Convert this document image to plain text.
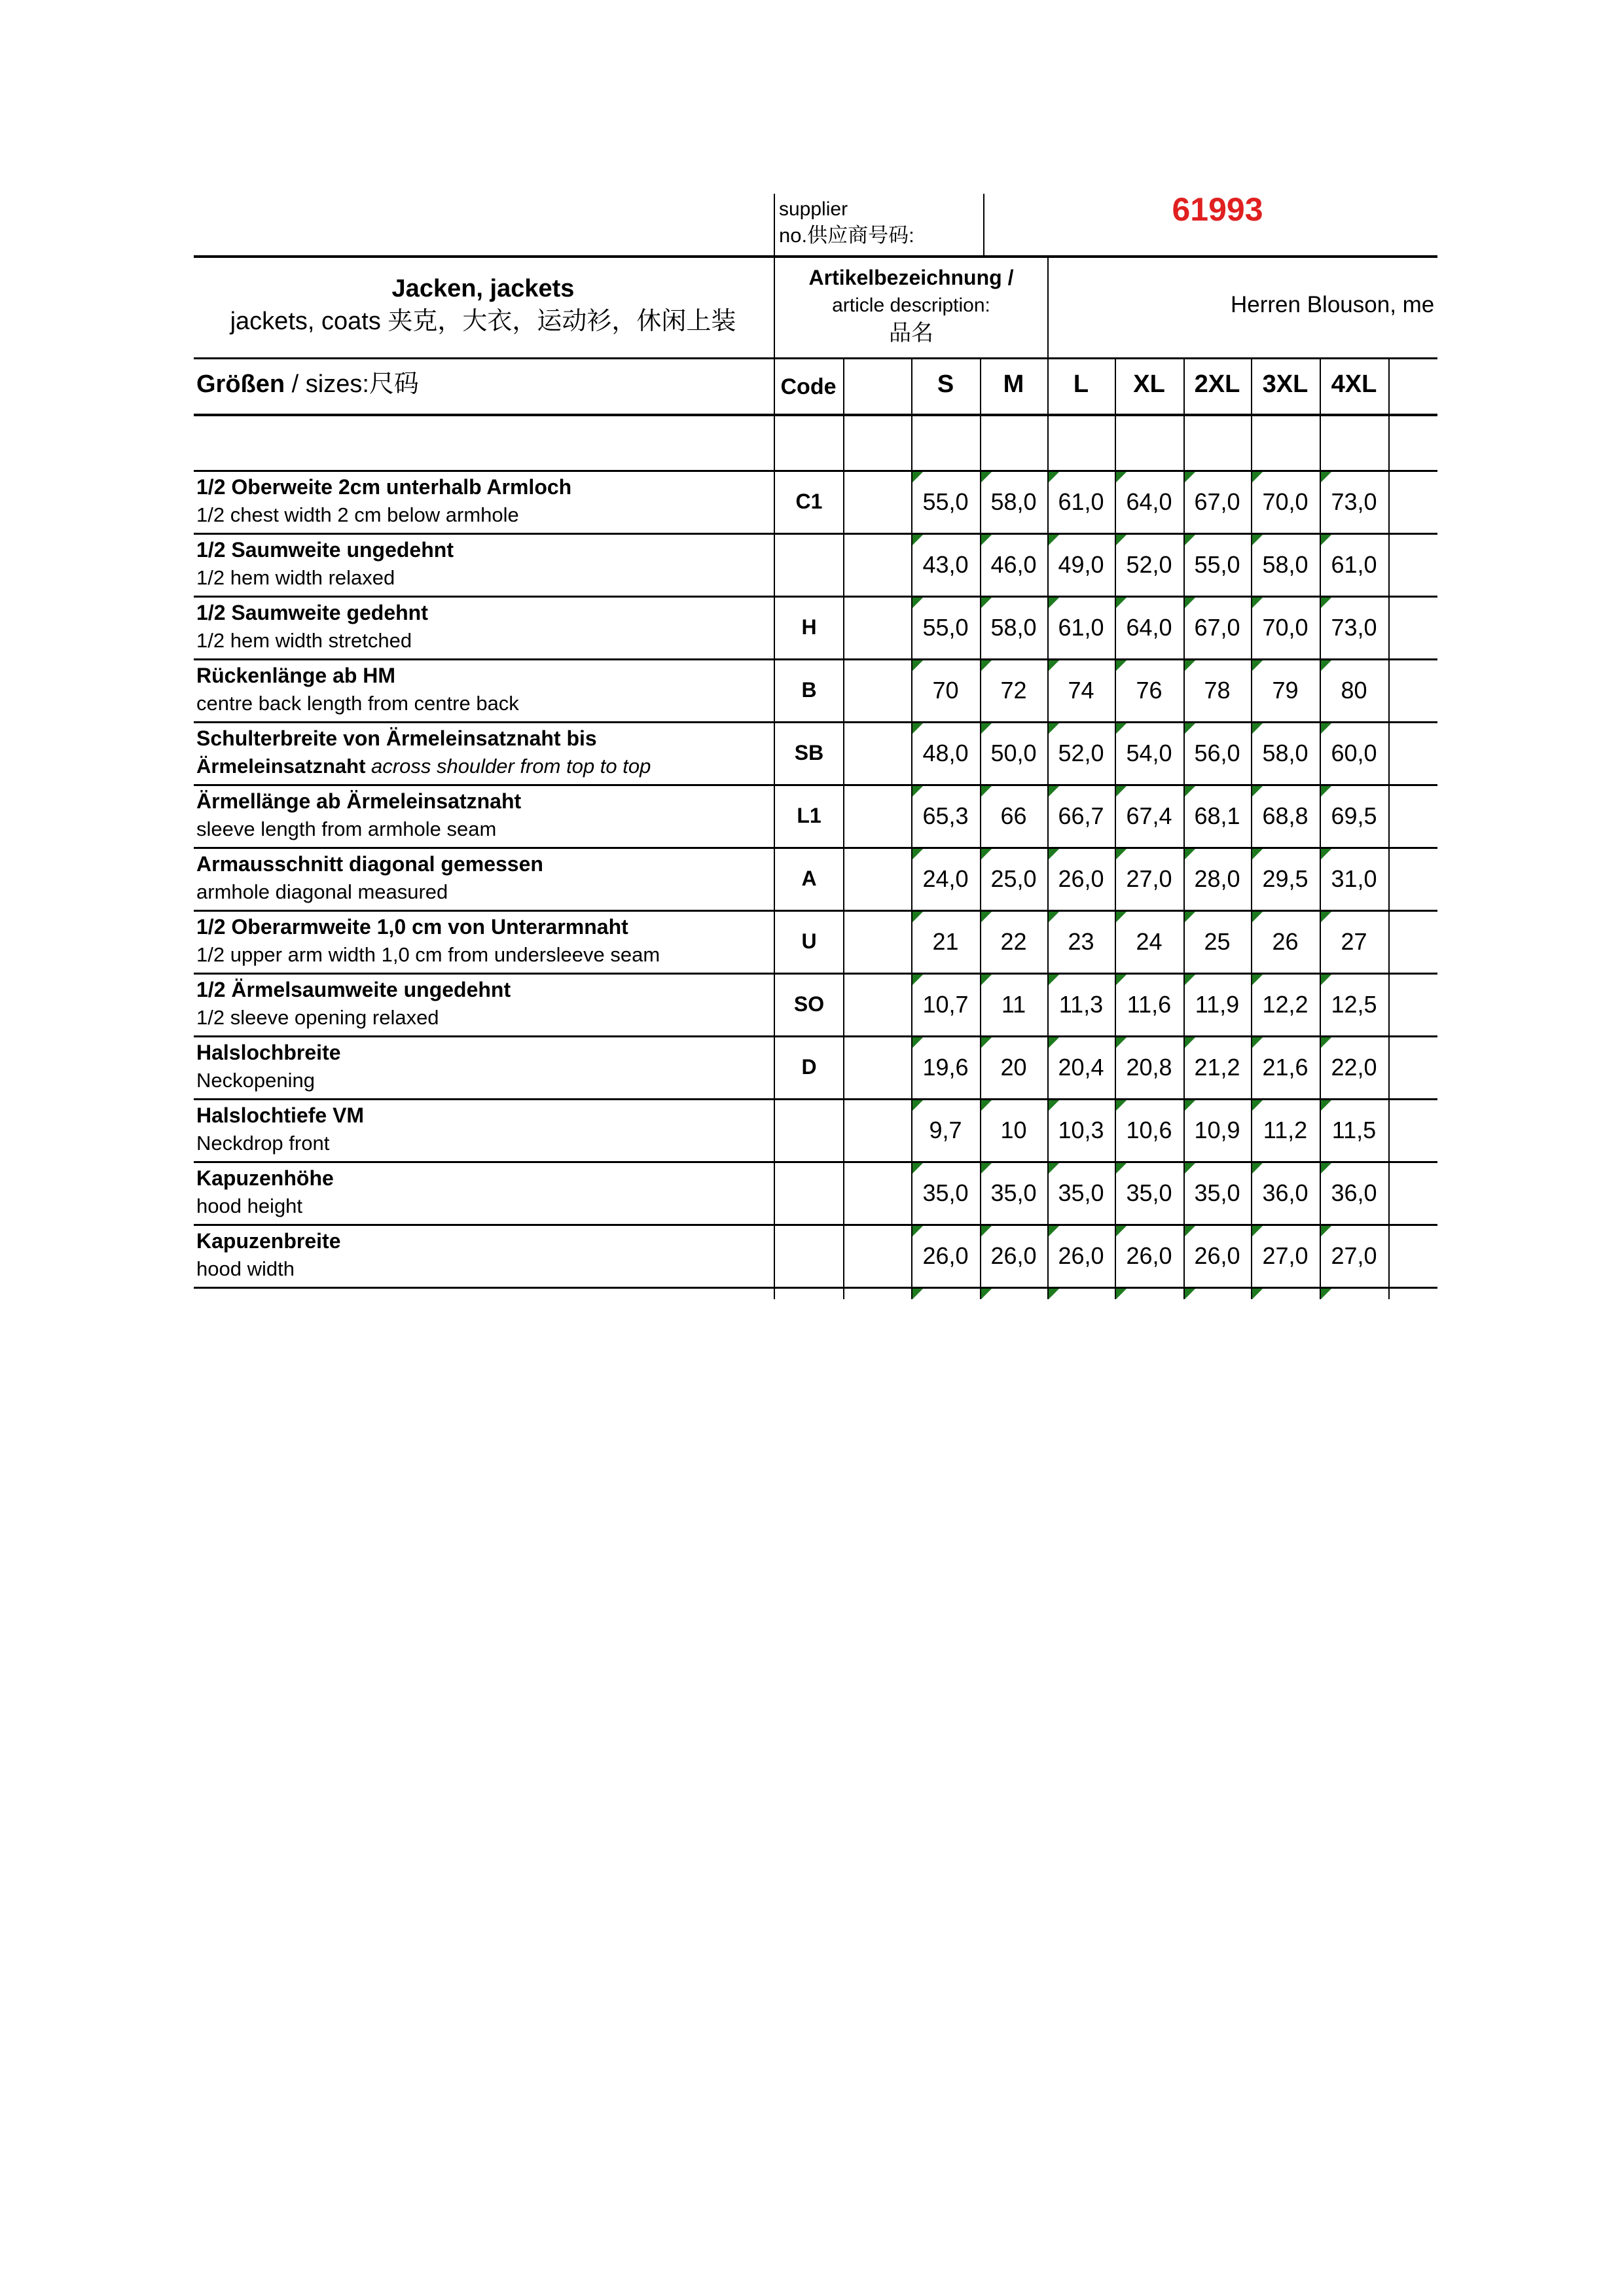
supplier
no.供应商号码:
61993
Jacken, jackets
jackets, coats 夹克，大衣，运动衫，休闲上装
Artikelbezeichnung /
article description:
品名
Herren Blouson, me
Größen / sizes:尺码	Code	S	M	L	XL	2XL 3XL 4XL
1/2 Oberweite 2cm unterhalb Armloch
1/2 chest width 2 cm below armhole
C1	55,0 58,0 61,0 64,0 67,0 70,0 73,0
1/2 Saumweite ungedehnt
1/2 hem width relaxed	43,0 46,0 49,0 52,0 55,0 58,0 61,0
1/2 Saumweite gedehnt
1/2 hem width stretched
H	55,0 58,0 61,0 64,0 67,0 70,0 73,0
Rückenlänge ab HM
centre back length from centre back
B	70	72	74	76	78	79	80
Schulterbreite von Ärmeleinsatznaht bis
Ärmeleinsatznaht across shoulder from top to top
SB	48,0 50,0 52,0 54,0 56,0 58,0 60,0
Ärmellänge ab Ärmeleinsatznaht
sleeve length from armhole seam
L1	65,3	66	66,7 67,4 68,1 68,8 69,5
Armausschnitt diagonal gemessen
armhole diagonal measured
A	24,0 25,0 26,0 27,0 28,0 29,5 31,0
1/2 Oberarmweite 1,0 cm von Unterarmnaht
1/2 upper arm width 1,0 cm from undersleeve seam
U	21	22	23	24	25	26	27
1/2 Ärmelsaumweite ungedehnt
1/2 sleeve opening relaxed
SO	10,7	11	11,3	11,6	11,9 12,2 12,5
Halslochbreite
Neckopening
D	19,6	20	20,4 20,8 21,2 21,6 22,0
Halslochtiefe VM
Neckdrop front	9,7	10	10,3 10,6 10,9 11,2	11,5
Kapuzenhöhe
hood height	35,0 35,0 35,0 35,0 35,0 36,0 36,0
Kapuzenbreite
hood width	26,0 26,0 26,0 26,0 26,0 27,0 27,0
